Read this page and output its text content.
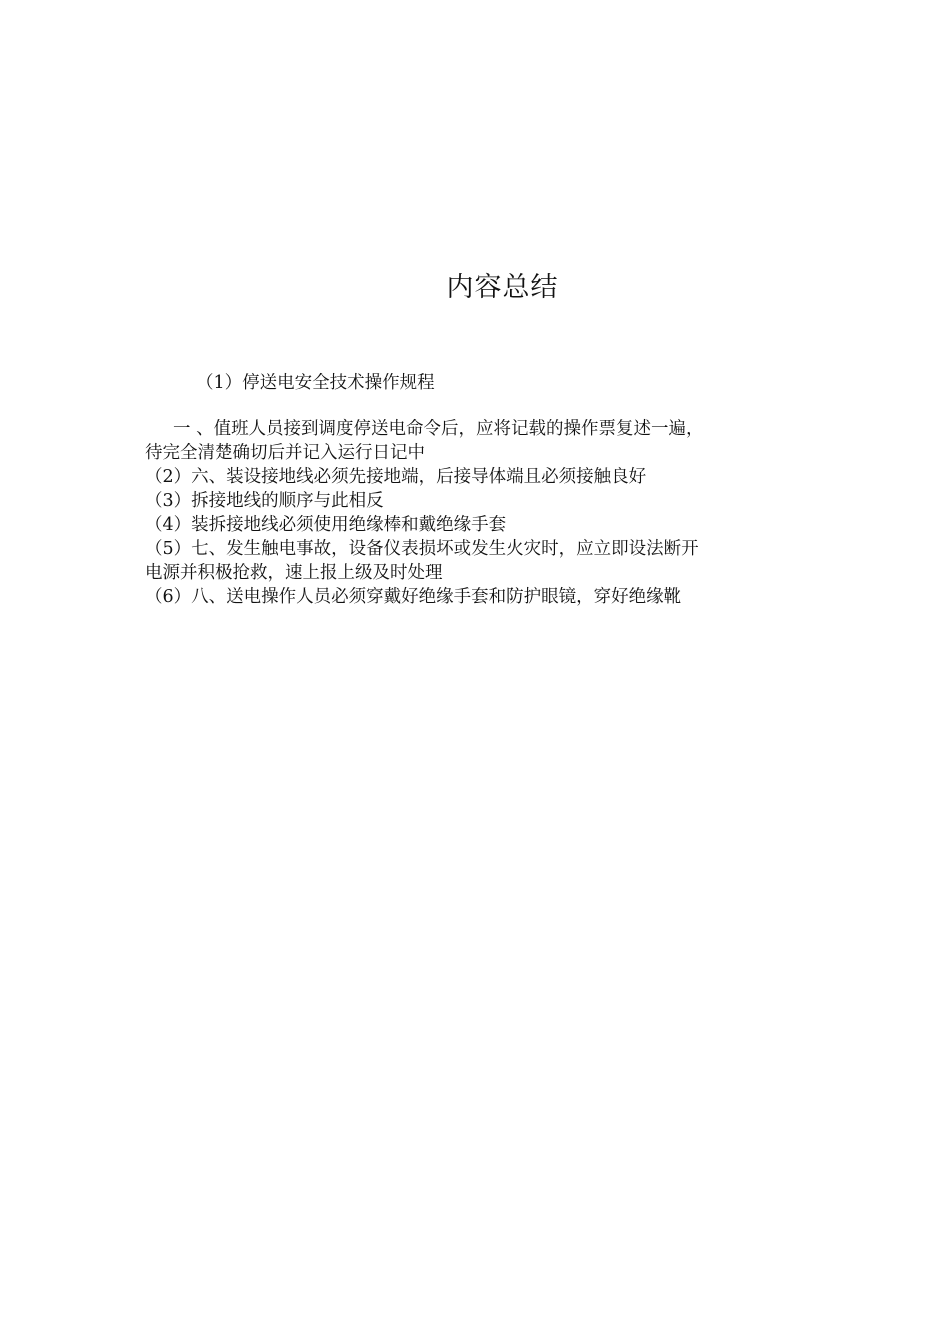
内容总结
（1）停送电安全技术操作规程

一 、值班人员接到调度停送电命令后，应将记载的操作票复述一遍，

待完全清楚确切后并记入运行日记中

（2）六、装设接地线必须先接地端，后接导体端且必须接触良好

（3）拆接地线的顺序与此相反

（4）装拆接地线必须使用绝缘棒和戴绝缘手套

（5）七、发生触电事故，设备仪表损坏或发生火灾时，应立即设法断开

电源并积极抢救，速上报上级及时处理

（6）八、送电操作人员必须穿戴好绝缘手套和防护眼镜，穿好绝缘靴
